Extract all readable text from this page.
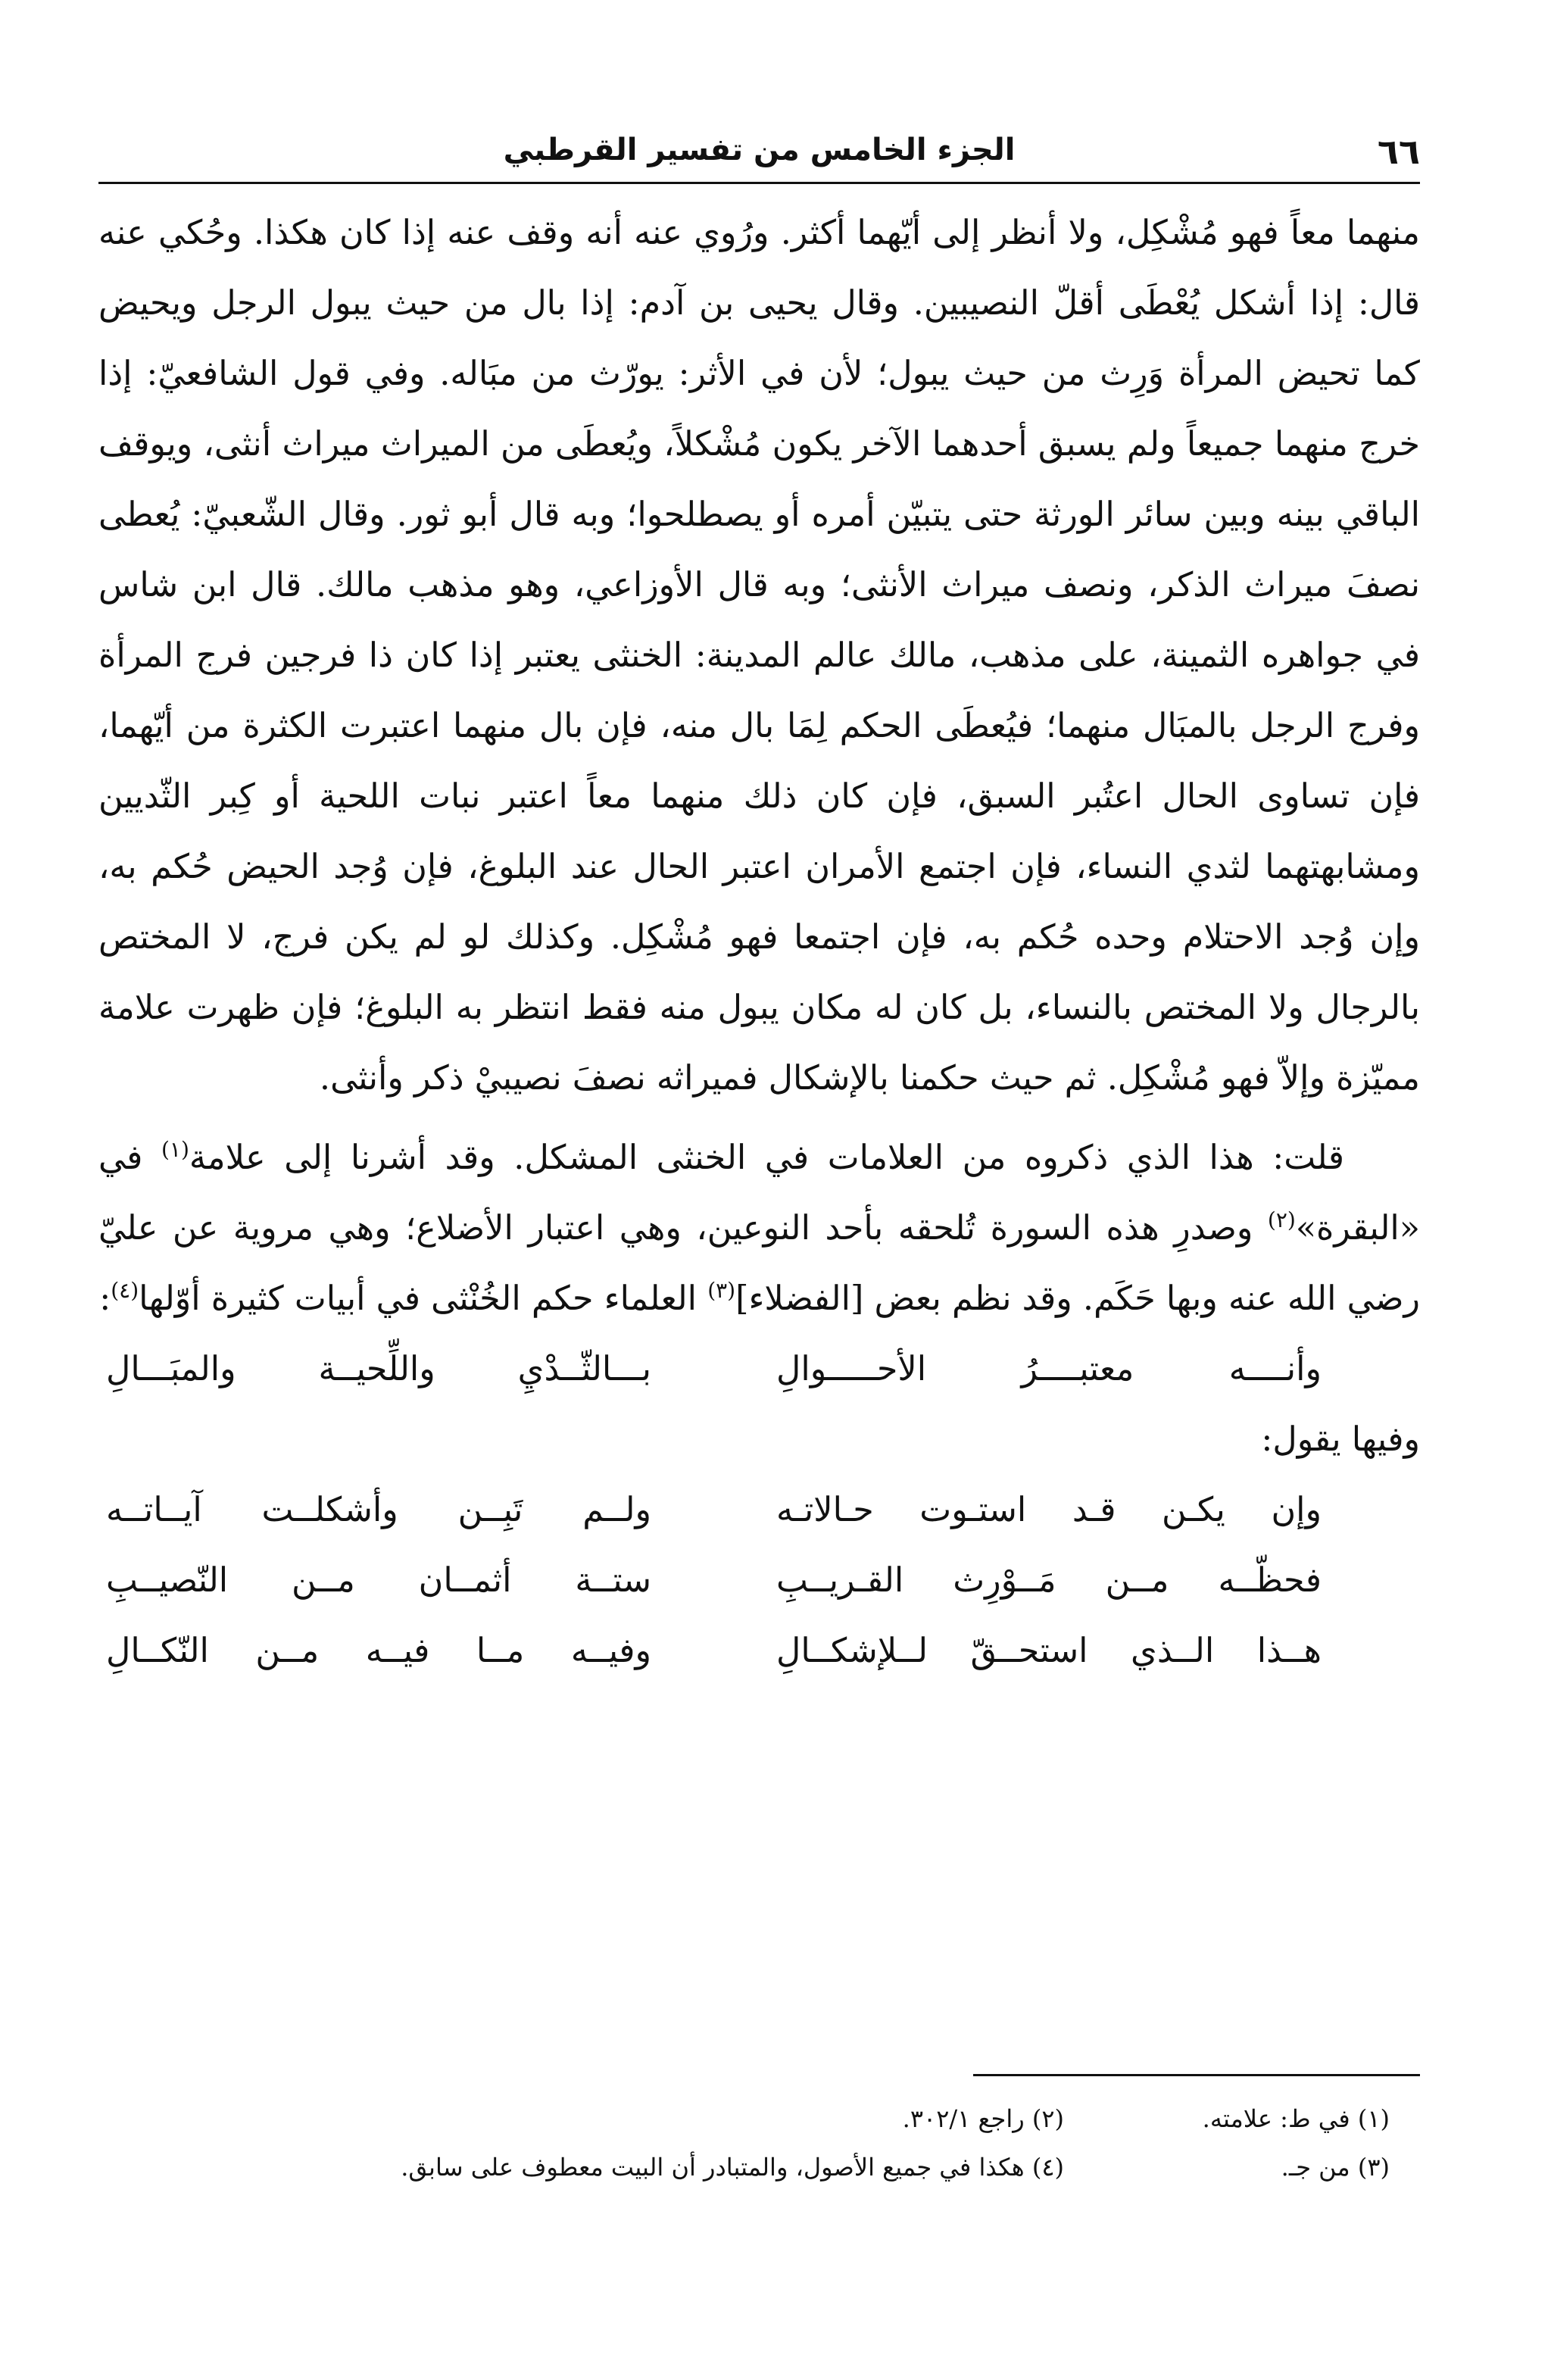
٦٦
الجزء الخامس من تفسير القرطبي

منهما معاً فهو مُشْكِل، ولا أنظر إلى أيّهما أكثر. ورُوي عنه أنه وقف عنه إذا كان هكذا. وحُكي عنه قال: إذا أشكل يُعْطَى أقلّ النصيبين. وقال يحيى بن آدم: إذا بال من حيث يبول الرجل ويحيض كما تحيض المرأة وَرِث من حيث يبول؛ لأن في الأثر: يورّث من مبَاله. وفي قول الشافعيّ: إذا خرج منهما جميعاً ولم يسبق أحدهما الآخر يكون مُشْكلاً، ويُعطَى من الميراث ميراث أنثى، ويوقف الباقي بينه وبين سائر الورثة حتى يتبيّن أمره أو يصطلحوا؛ وبه قال أبو ثور. وقال الشّعبيّ: يُعطى نصفَ ميراث الذكر، ونصف ميراث الأنثى؛ وبه قال الأوزاعي، وهو مذهب مالك. قال ابن شاس في جواهره الثمينة، على مذهب، مالك عالم المدينة: الخنثى يعتبر إذا كان ذا فرجين فرج المرأة وفرج الرجل بالمبَال منهما؛ فيُعطَى الحكم لِمَا بال منه، فإن بال منهما اعتبرت الكثرة من أيّهما، فإن تساوى الحال اعتُبر السبق، فإن كان ذلك منهما معاً اعتبر نبات اللحية أو كِبر الثّديين ومشابهتهما لثدي النساء، فإن اجتمع الأمران اعتبر الحال عند البلوغ، فإن وُجد الحيض حُكم به، وإن وُجد الاحتلام وحده حُكم به، فإن اجتمعا فهو مُشْكِل. وكذلك لو لم يكن فرج، لا المختص بالرجال ولا المختص بالنساء، بل كان له مكان يبول منه فقط انتظر به البلوغ؛ فإن ظهرت علامة مميّزة وإلاّ فهو مُشْكِل. ثم حيث حكمنا بالإشكال فميراثه نصفَ نصيبيْ ذكر وأنثى.

قلت: هذا الذي ذكروه من العلامات في الخنثى المشكل. وقد أشرنا إلى علامة$^{(١)}$ في «البقرة»$^{(٢)}$ وصدرِ هذه السورة تُلحقه بأحد النوعين، وهي اعتبار الأضلاع؛ وهي مروية عن عليّ رضي الله عنه وبها حَكَم. وقد نظم بعض [الفضلاء]$^{(٣)}$ العلماء حكم الخُنْثى في أبيات كثيرة أوّلها$^{(٤)}$:

وأنــــه معتبــــرُ الأحـــــوالِ
بـــالثّــدْيِ واللِّحيــة والمبَـــالِ

وفيها يقول:

وإن يكـن قـد استـوت حـالاتـه
ولــم تَبِــن وأشكلــت آيــاتــه
فحظّــه مــن مَــوْرِث القـريــبِ
ستــة أثمــان مــن النّصيــبِ
هــذا الــذي استحــقّ لــلإشكــالِ
وفيــه مــا فيــه مــن النّكــالِ
(١) في ط: علامته.
(٢) راجع ٣٠٢/١.
(٣) من جـ.
(٤) هكذا في جميع الأصول، والمتبادر أن البيت معطوف على سابق.
